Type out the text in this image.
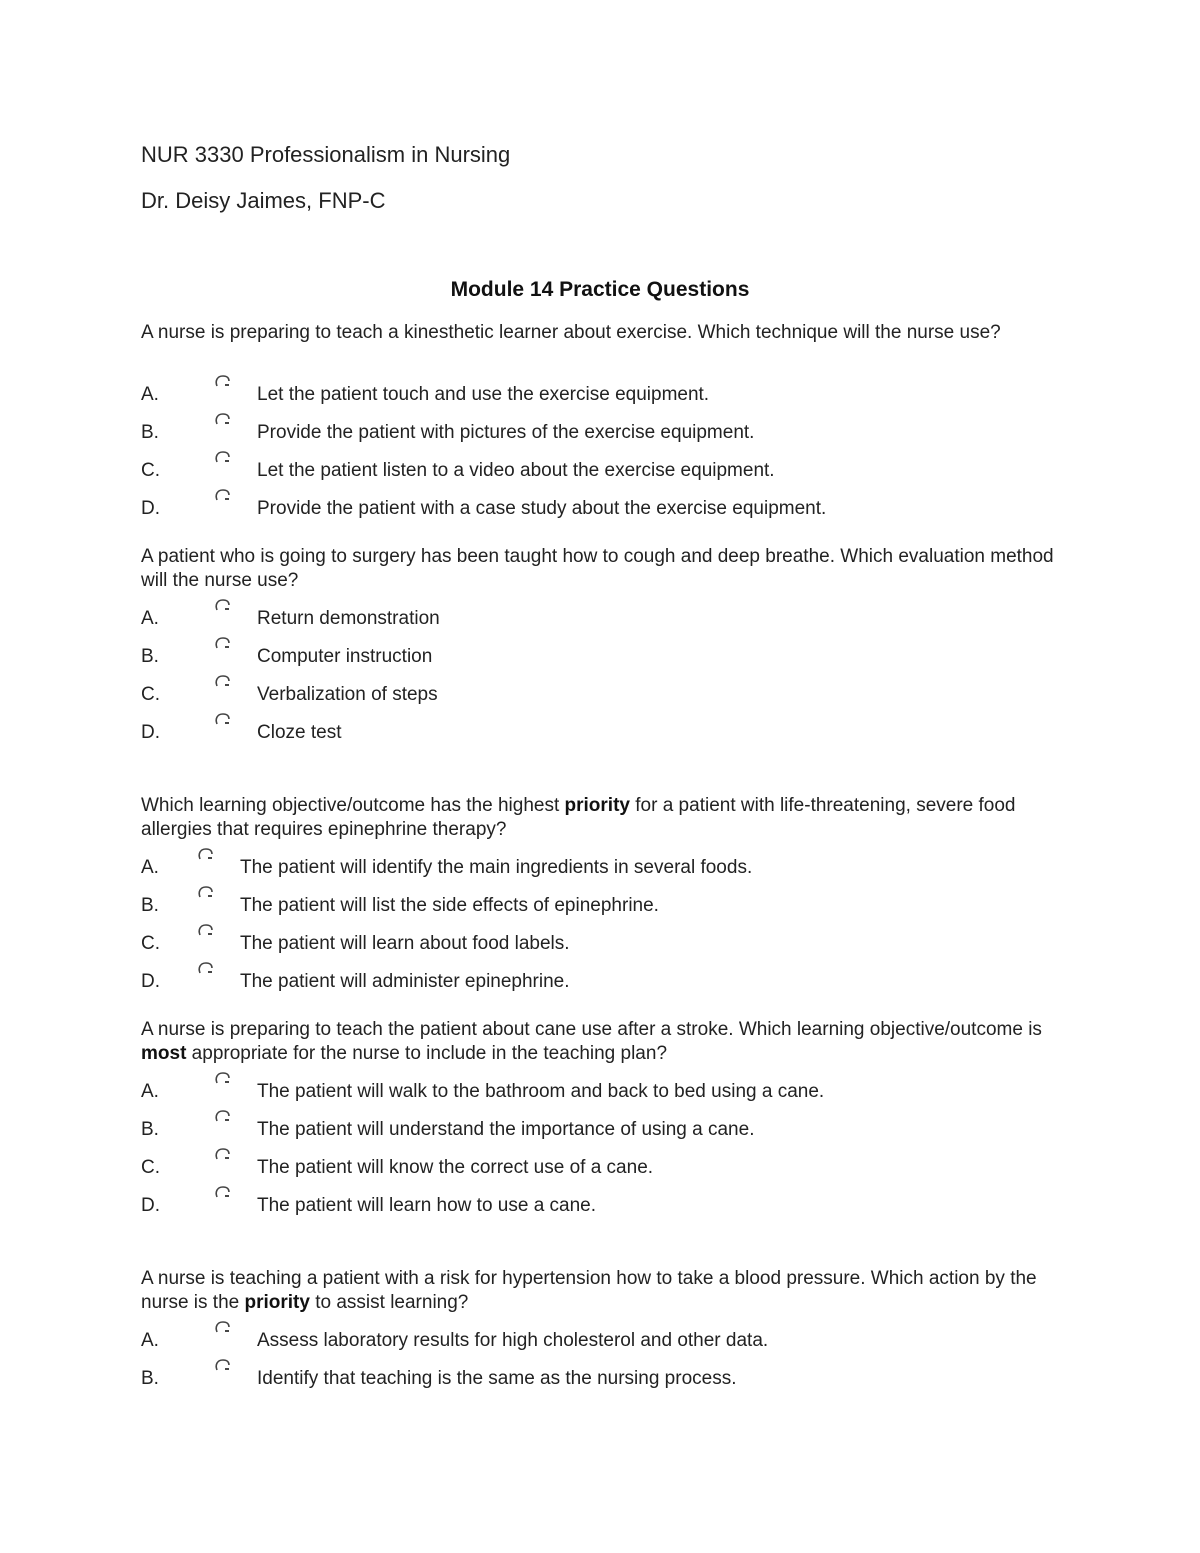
NUR 3330 Professionalism in Nursing
Dr. Deisy Jaimes, FNP-C
Module 14 Practice Questions
A nurse is preparing to teach a kinesthetic learner about exercise. Which technique will the nurse use?
A.	Let the patient touch and use the exercise equipment.
B.	Provide the patient with pictures of the exercise equipment.
C.	Let the patient listen to a video about the exercise equipment.
D.	Provide the patient with a case study about the exercise equipment.
A patient who is going to surgery has been taught how to cough and deep breathe. Which evaluation method will the nurse use?
A.	Return demonstration
B.	Computer instruction
C.	Verbalization of steps
D.	Cloze test
Which learning objective/outcome has the highest priority for a patient with life-threatening, severe food allergies that requires epinephrine therapy?
A.	The patient will identify the main ingredients in several foods.
B.	The patient will list the side effects of epinephrine.
C.	The patient will learn about food labels.
D.	The patient will administer epinephrine.
A nurse is preparing to teach the patient about cane use after a stroke. Which learning objective/outcome is most appropriate for the nurse to include in the teaching plan?
A.	The patient will walk to the bathroom and back to bed using a cane.
B.	The patient will understand the importance of using a cane.
C.	The patient will know the correct use of a cane.
D.	The patient will learn how to use a cane.
A nurse is teaching a patient with a risk for hypertension how to take a blood pressure. Which action by the nurse is the priority to assist learning?
A.	Assess laboratory results for high cholesterol and other data.
B.	Identify that teaching is the same as the nursing process.
